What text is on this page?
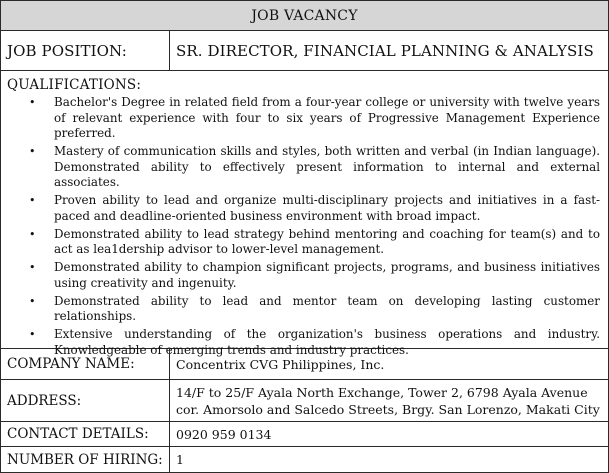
JOB VACANCY
JOB POSITION:	SR. DIRECTOR, FINANCIAL PLANNING & ANALYSIS
QUALIFICATIONS:
• Bachelor's Degree in related field from a four-year college or university with twelve years of relevant experience with four to six years of Progressive Management Experience preferred.
• Mastery of communication skills and styles, both written and verbal (in Indian language). Demonstrated ability to effectively present information to internal and external associates.
• Proven ability to lead and organize multi-disciplinary projects and initiatives in a fast-paced and deadline-oriented business environment with broad impact.
• Demonstrated ability to lead strategy behind mentoring and coaching for team(s) and to act as lea1dership advisor to lower-level management.
• Demonstrated ability to champion significant projects, programs, and business initiatives using creativity and ingenuity.
• Demonstrated ability to lead and mentor team on developing lasting customer relationships.
• Extensive understanding of the organization's business operations and industry. Knowledgeable of emerging trends and industry practices.
COMPANY NAME:	Concentrix CVG Philippines, Inc.
ADDRESS:
14/F to 25/F Ayala North Exchange, Tower 2, 6798 Ayala Avenue cor. Amorsolo and Salcedo Streets, Brgy. San Lorenzo, Makati City
CONTACT DETAILS:	0920 959 0134
NUMBER OF HIRING:	1
